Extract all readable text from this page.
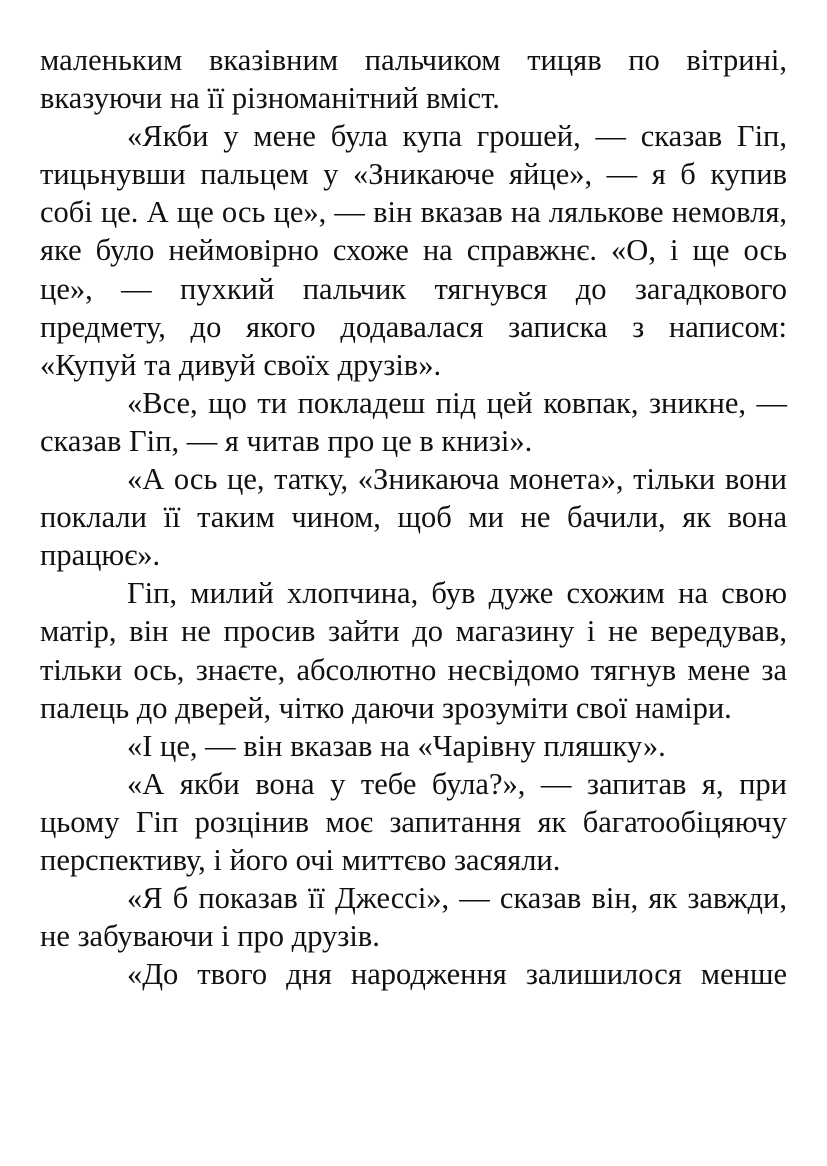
маленьким вказівним пальчиком тицяв по вітрині, вказуючи на її різноманітний вміст.

«Якби у мене була купа грошей, — сказав Гіп, тицьнувши пальцем у «Зникаюче яйце», — я б купив собі це. А ще ось це», — він вказав на лялькове немовля, яке було неймовірно схоже на справжнє. «О, і ще ось це», — пухкий пальчик тягнувся до загадкового предмету, до якого додавалася записка з написом: «Купуй та дивуй своїх друзів».

«Все, що ти покладеш під цей ковпак, зникне, — сказав Гіп, — я читав про це в книзі».

«А ось це, татку, «Зникаюча монета», тільки вони поклали її таким чином, щоб ми не бачили, як вона працює».

Гіп, милий хлопчина, був дуже схожим на свою матір, він не просив зайти до магазину і не вередував, тільки ось, знаєте, абсолютно несвідомо тягнув мене за палець до дверей, чітко даючи зрозуміти свої наміри.

«І це, — він вказав на «Чарівну пляшку».

«А якби вона у тебе була?», — запитав я, при цьому Гіп розцінив моє запитання як багатообіцяючу перспективу, і його очі миттєво засяяли.

«Я б показав її Джессі», — сказав він, як завжди, не забуваючи і про друзів.

«До твого дня народження залишилося менше
